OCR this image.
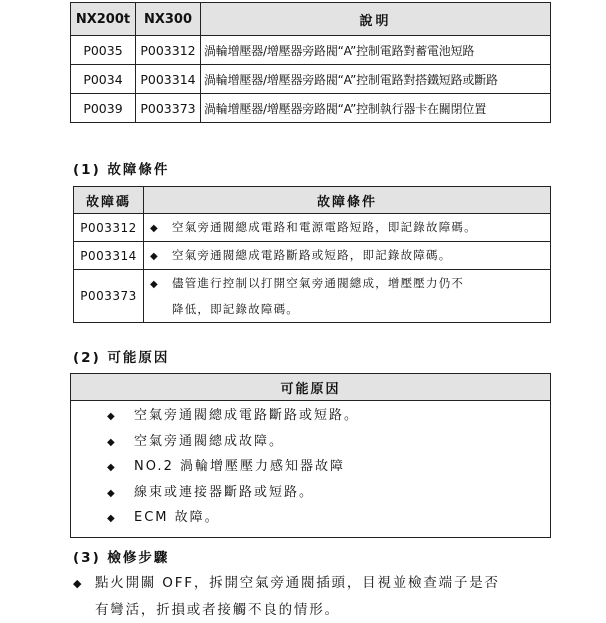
NX200t	NX300	說明
P0035	P003312	渦輪增壓器/增壓器旁路閥“A”控制電路對蓄電池短路
P0034	P003314	渦輪增壓器/增壓器旁路閥“A”控制電路對搭鐵短路或斷路
P0039	P003373	渦輪增壓器/增壓器旁路閥“A”控制執行器卡在關閉位置
(1) 故障條件
故障碼	故障條件
P003312	◆ 空氣旁通閥總成電路和電源電路短路，即記錄故障碼。
P003314	◆ 空氣旁通閥總成電路斷路或短路，即記錄故障碼。
P003373	◆ 儘管進行控制以打開空氣旁通閥總成，增壓壓力仍不
降低，即記錄故障碼。
(2) 可能原因
可能原因

◆ 空氣旁通閥總成電路斷路或短路。
◆ 空氣旁通閥總成故障。
◆ NO.2 渦輪增壓壓力感知器故障
◆ 線束或連接器斷路或短路。
◆ ECM 故障。
(3) 檢修步驟
◆ 點火開關 OFF，拆開空氣旁通閥插頭，目視並檢查端子是否
有彎活，折損或者接觸不良的情形。
